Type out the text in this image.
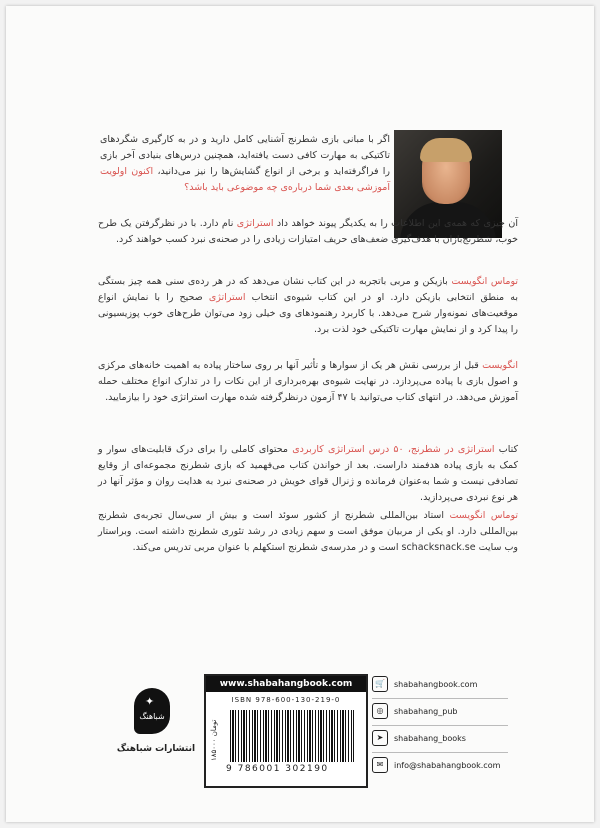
اگر با مبانی بازی شطرنج آشنایی کامل دارید و در به کارگیری شگردهای تاکتیکی به مهارت کافی دست یافته‌اید، همچنین درس‌های بنیادی آخر بازی را فراگرفته‌اید و برخی از انواع گشایش‌ها را نیز می‌دانید، اکنون اولویت آموزشی بعدی شما درباره‌ی چه موضوعی باید باشد؟

آن چیزی که همه‌ی این اطلاعات را به یکدیگر پیوند خواهد داد استراتژی نام دارد. با در نظرگرفتن یک طرح خوب، شطرنج‌بازان با هدف‌گیری ضعف‌های حریف امتیازات زیادی را در صحنه‌ی نبرد کسب خواهند کرد.

توماس انگویست بازیکن و مربی باتجربه در این کتاب نشان می‌دهد که در هر رده‌ی سنی همه چیز بستگی به منطق انتخابی بازیکن دارد. او در این کتاب شیوه‌ی انتخاب استراتژی صحیح را با نمایش انواع موقعیت‌های نمونه‌وار شرح می‌دهد. با کاربرد رهنمودهای وی خیلی زود می‌توان طرح‌های خوب پوزیسیونی را پیدا کرد و از نمایش مهارت تاکتیکی خود لذت برد.

انگویست قبل از بررسی نقش هر یک از سوارها و تأثیر آنها بر روی ساختار پیاده به اهمیت خانه‌های مرکزی و اصول بازی با پیاده می‌پردازد. در نهایت شیوه‌ی بهره‌برداری از این نکات را در تدارک انواع مختلف حمله آموزش می‌دهد. در انتهای کتاب می‌توانید با ۴۷ آزمون درنظرگرفته شده مهارت استراتژی خود را بیازمایید.

کتاب استراتژی در شطرنج، ۵۰ درس استراتژی کاربردی محتوای کاملی را برای درک قابلیت‌های سوار و کمک به بازی پیاده هدفمند داراست. بعد از خواندن کتاب می‌فهمید که بازی شطرنج مجموعه‌ای از وقایع تصادفی نیست و شما به‌عنوان فرمانده و ژنرال قوای خویش در صحنه‌ی نبرد به هدایت روان و مؤثر آنها در هر نوع نبردی می‌پردازید.

توماس انگویست استاد بین‌المللی شطرنج از کشور سوئد است و بیش از سی‌سال تجربه‌ی شطرنج بین‌المللی دارد. او یکی از مربیان موفق است و سهم زیادی در رشد تئوری شطرنج داشته است. وبراستار وب سایت schacksnack.se است و در مدرسه‌ی شطرنج استکهلم با عنوان مربی تدریس می‌کند.

✦
شباهنگ
انتشارات شباهنگ
www.shabahangbook.com
ISBN 978-600-130-219-0
۱۸۵۰۰۰ تومان
9 786001 302190
🛒	shabahangbook.com
◎	shabahang_pub
➤	shabahang_books
✉	info@shabahangbook.com
